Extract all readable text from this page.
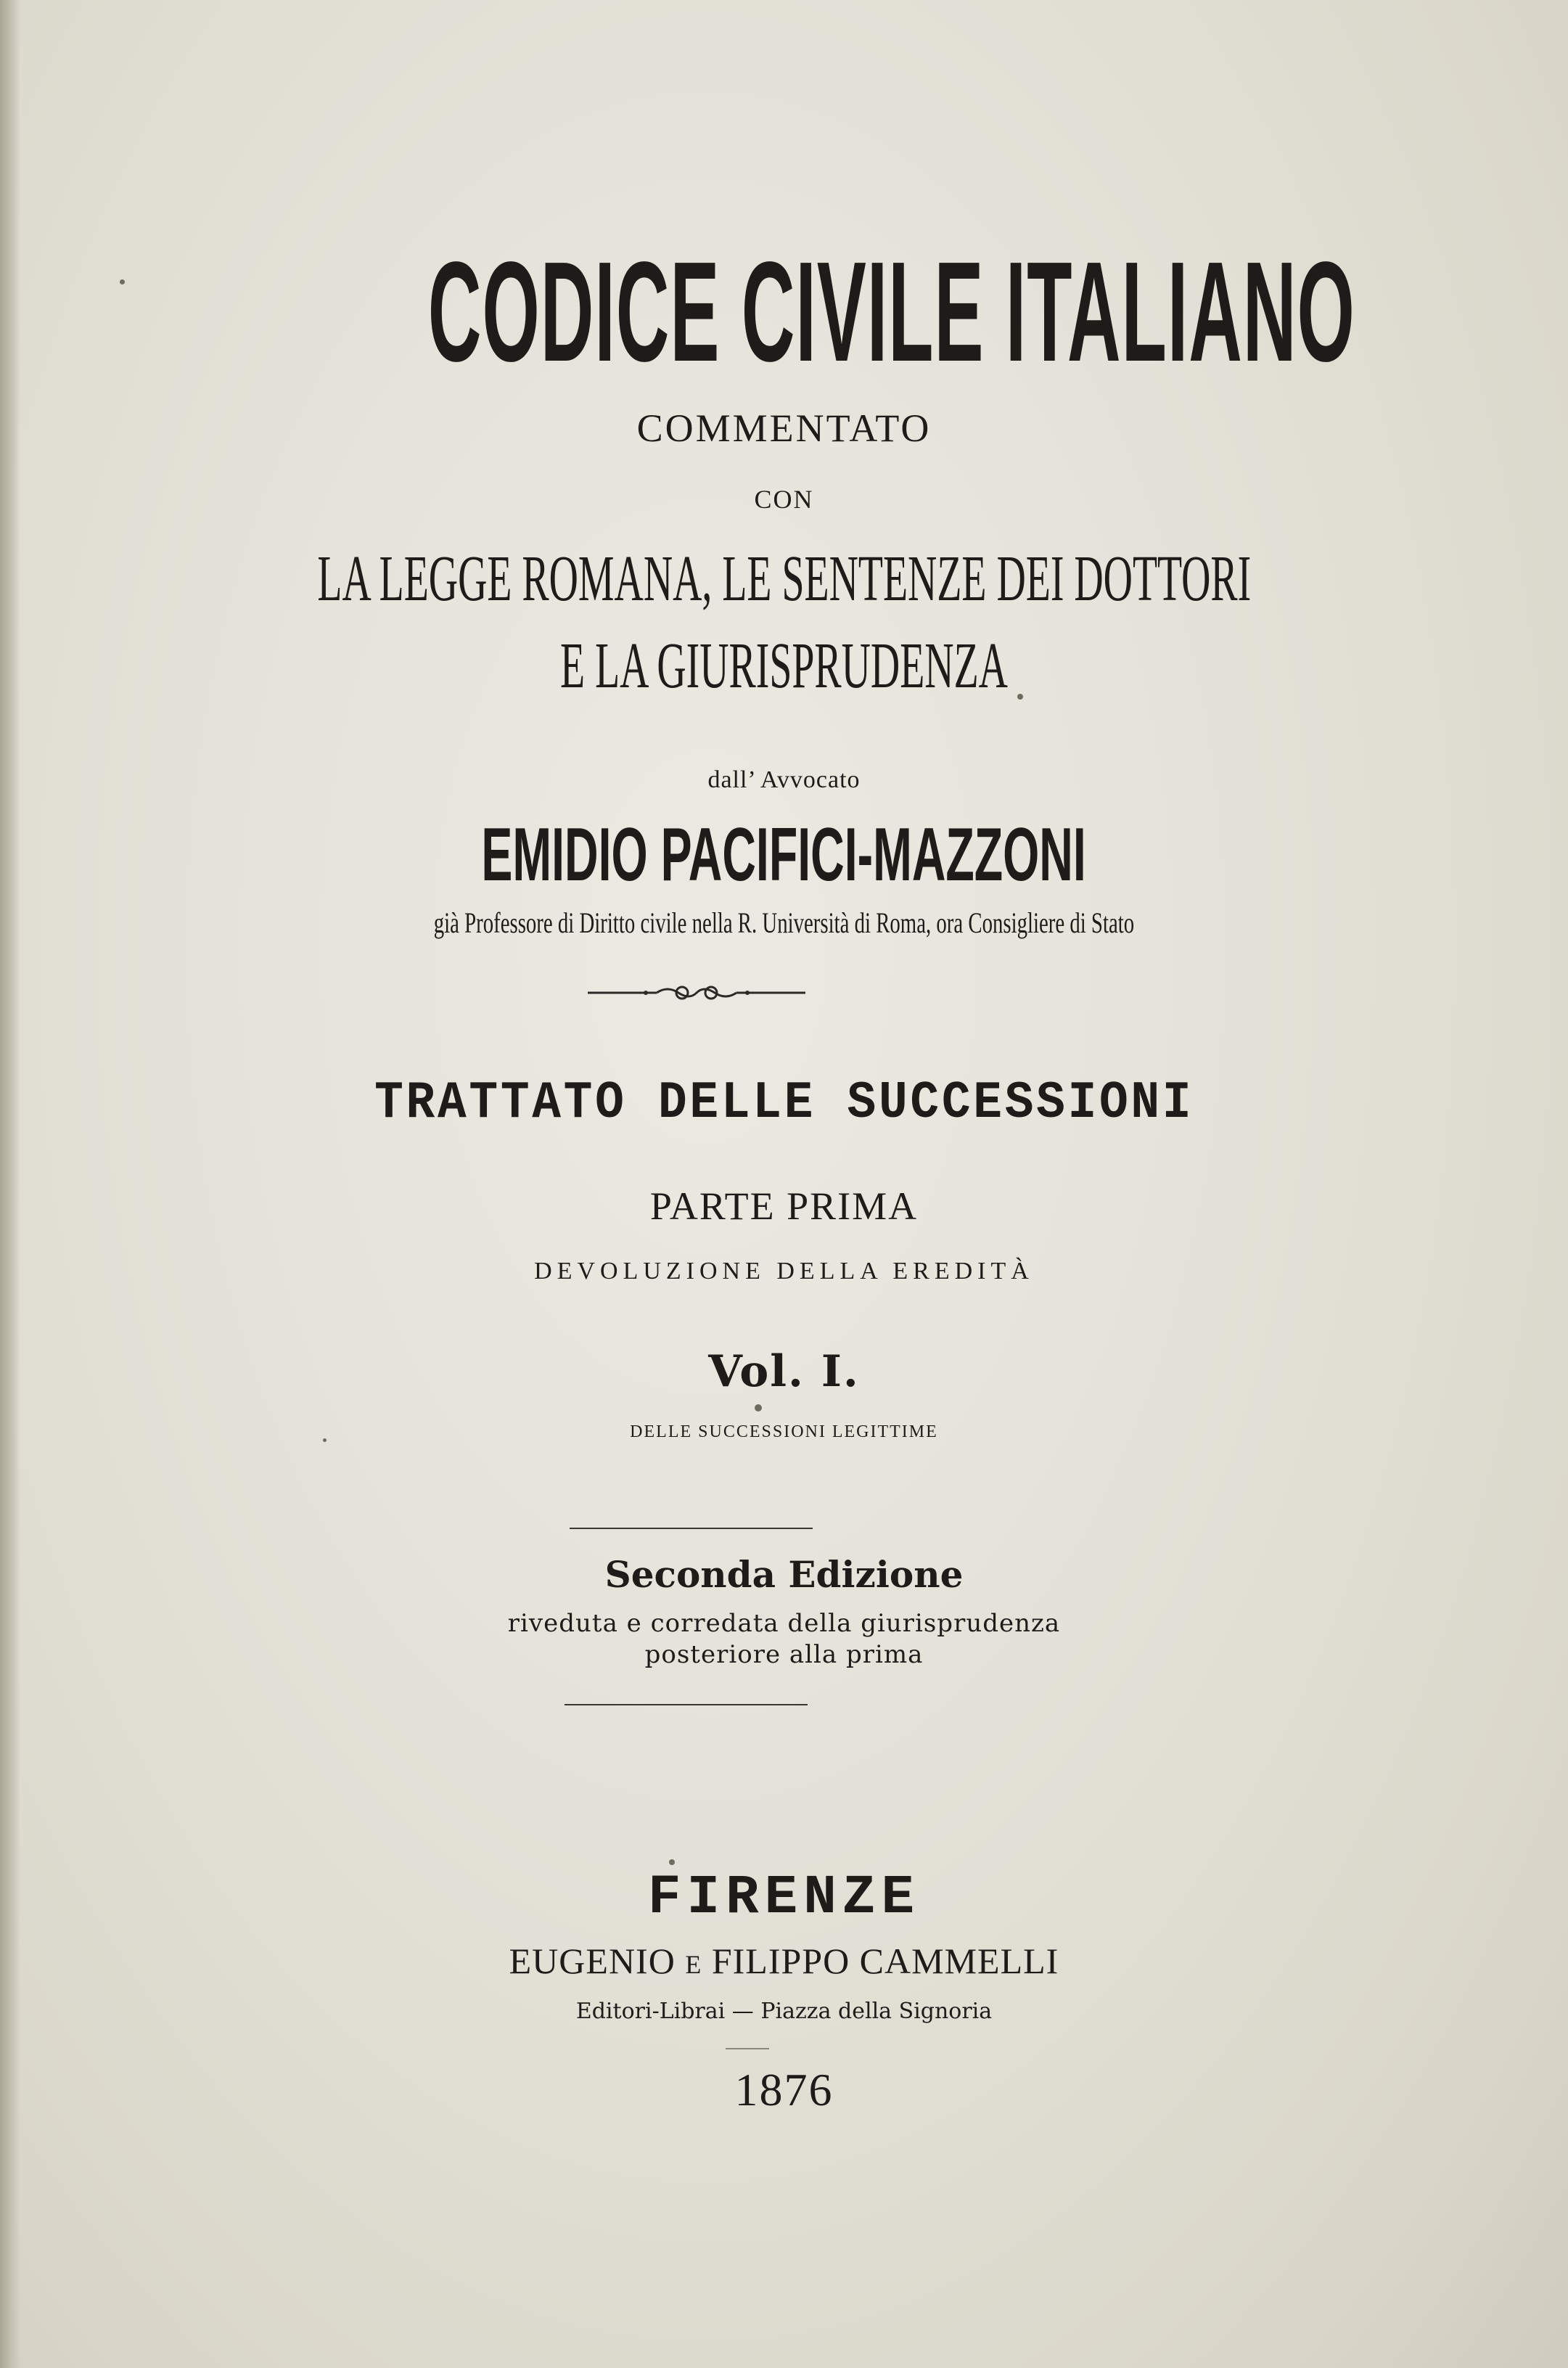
CODICE CIVILE ITALIANO

COMMENTATO

CON

LA LEGGE ROMANA, LE SENTENZE DEI DOTTORI

E LA GIURISPRUDENZA

dall’ Avvocato

EMIDIO PACIFICI-MAZZONI

già Professore di Diritto civile nella R. Università di Roma, ora Consigliere di Stato

TRATTATO DELLE SUCCESSIONI

PARTE PRIMA

DEVOLUZIONE DELLA EREDITÀ

Vol. I.

DELLE SUCCESSIONI LEGITTIME

Seconda Edizione

riveduta e corredata della giurisprudenza

posteriore alla prima

FIRENZE

EUGENIO E FILIPPO CAMMELLI

Editori-Librai — Piazza della Signoria

1876
